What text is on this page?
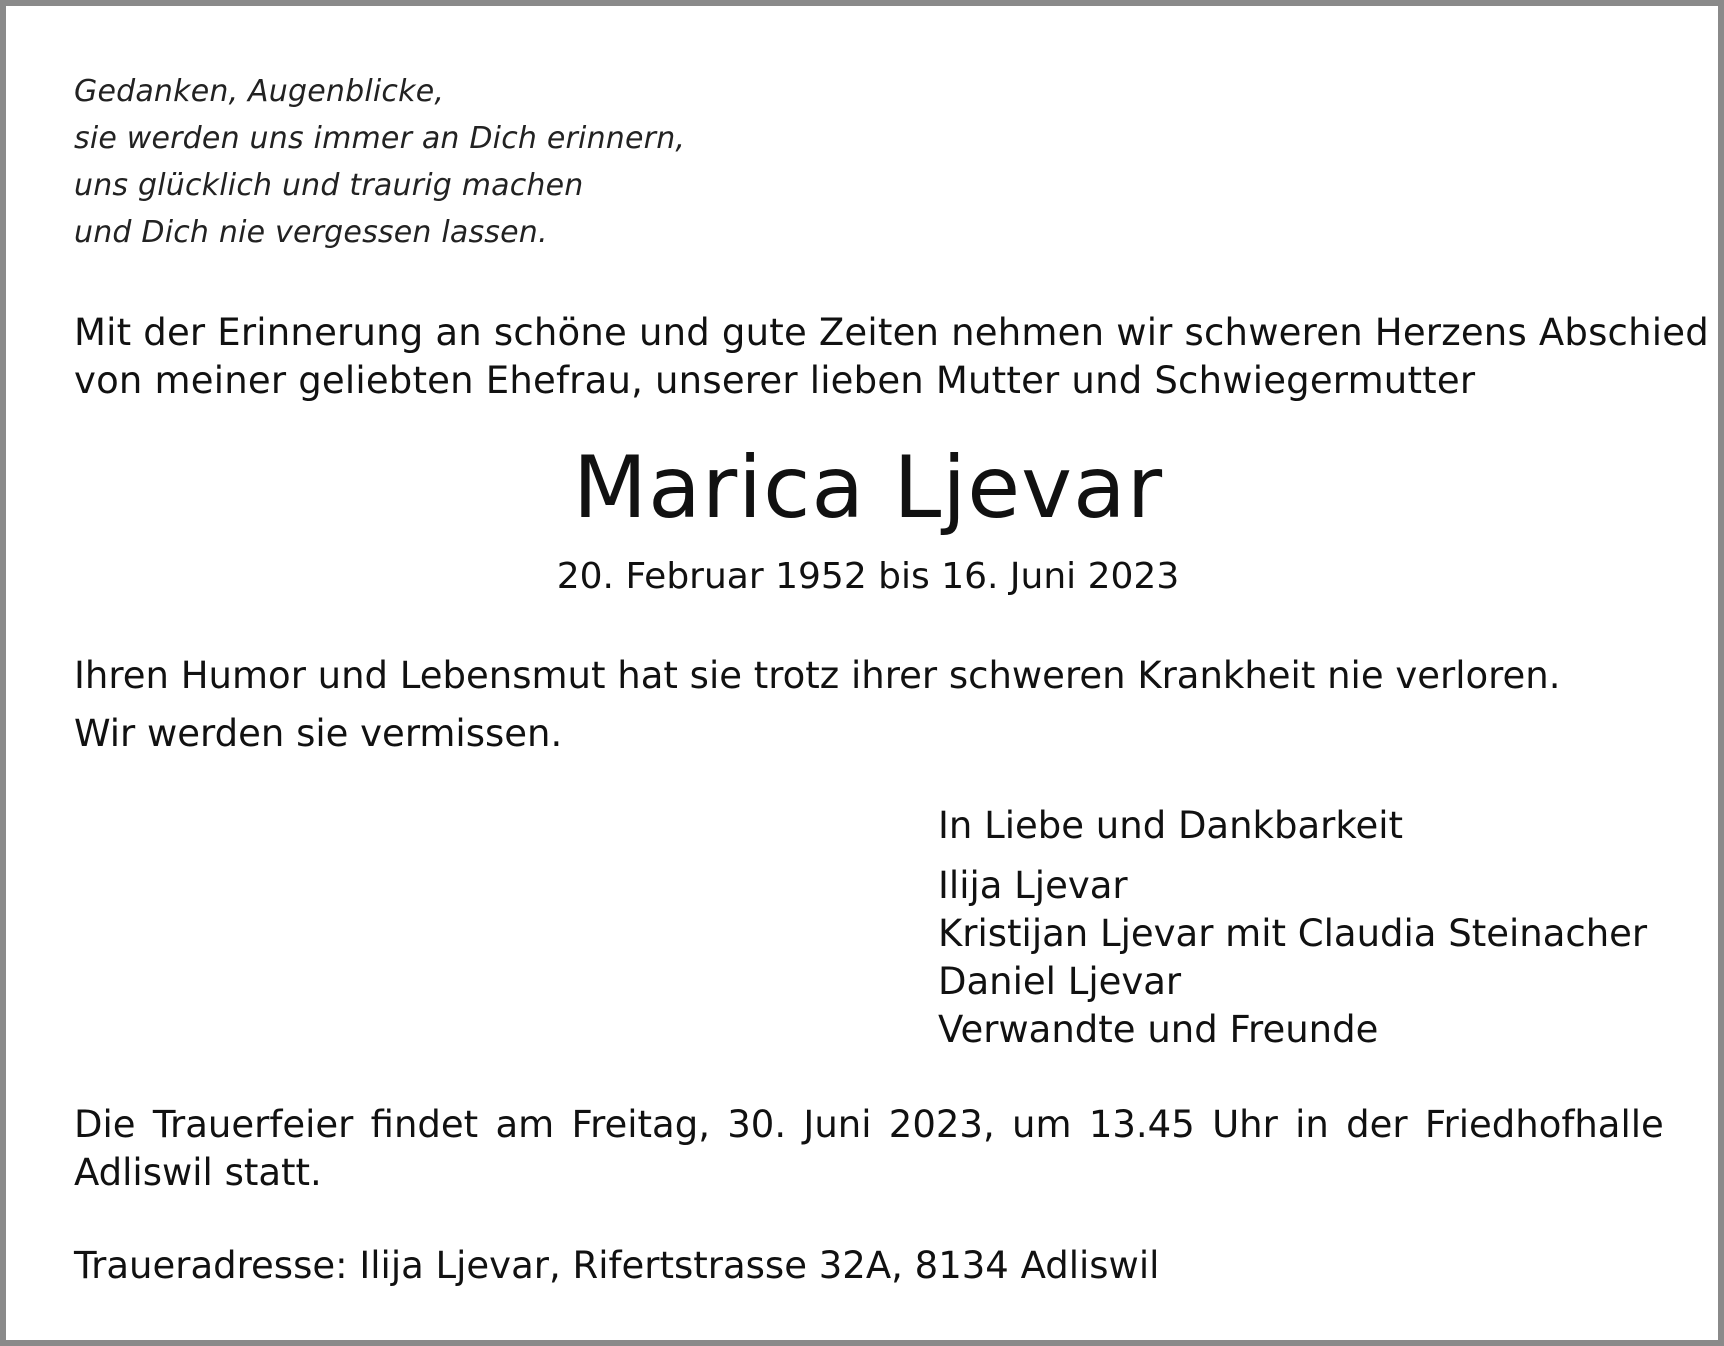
Gedanken, Augenblicke,
sie werden uns immer an Dich erinnern,
uns glücklich und traurig machen
und Dich nie vergessen lassen.
Mit der Erinnerung an schöne und gute Zeiten nehmen wir schweren Herzens Abschied
von meiner geliebten Ehefrau, unserer lieben Mutter und Schwiegermutter
Marica Ljevar
20. Februar 1952 bis 16. Juni 2023
Ihren Humor und Lebensmut hat sie trotz ihrer schweren Krankheit nie verloren.
Wir werden sie vermissen.
In Liebe und Dankbarkeit
Ilija Ljevar
Kristijan Ljevar mit Claudia Steinacher
Daniel Ljevar
Verwandte und Freunde
Die Trauerfeier findet am Freitag, 30. Juni 2023, um 13.45 Uhr in der Friedhofhalle
Adliswil statt.
Traueradresse: Ilija Ljevar, Rifertstrasse 32A, 8134 Adliswil
